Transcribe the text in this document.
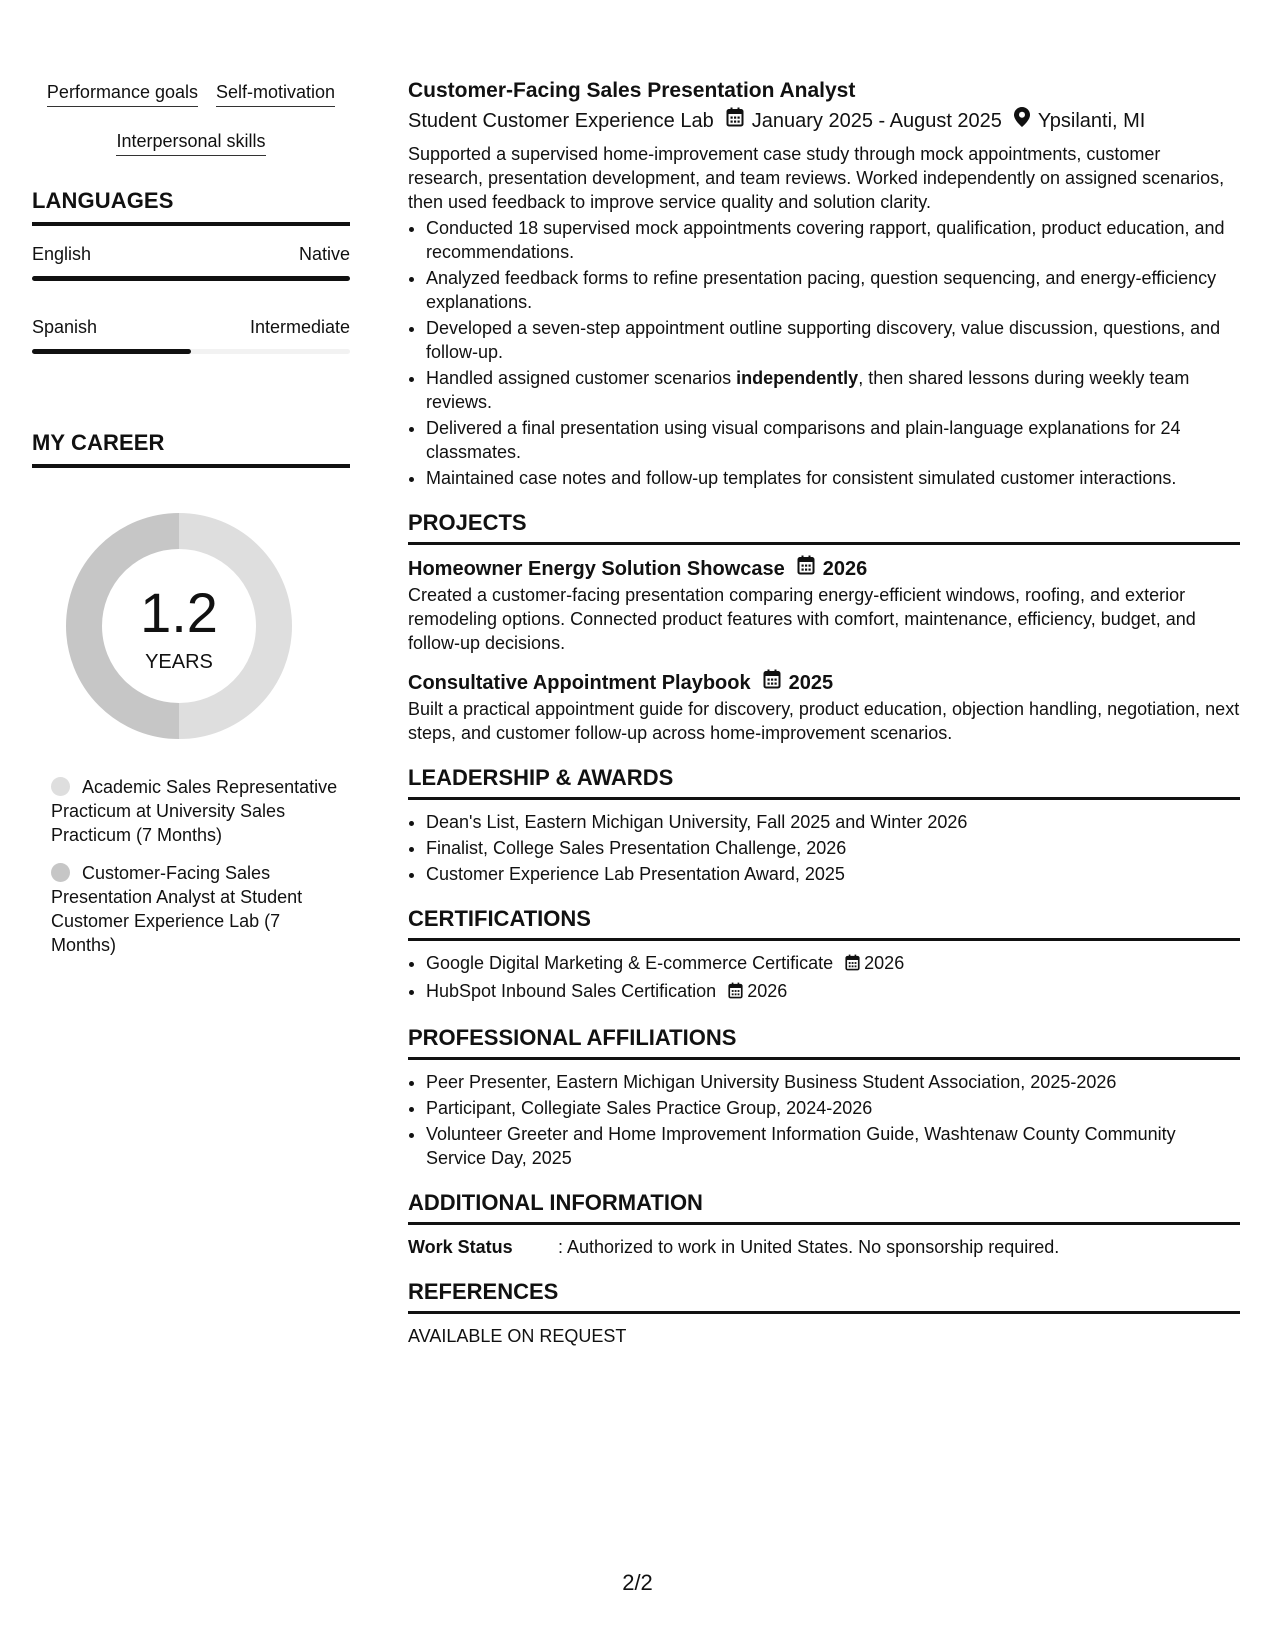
Performance goals Self-motivation
Interpersonal skills
LANGUAGES
English	Native
Spanish	Intermediate
MY CAREER
1.2
YEARS
Academic Sales Representative Practicum at University Sales Practicum (7 Months)
Customer-Facing Sales Presentation Analyst at Student Customer Experience Lab (7 Months)
Customer-Facing Sales Presentation Analyst
Student Customer Experience Lab January 2025 - August 2025 Ypsilanti, MI

Supported a supervised home-improvement case study through mock appointments, customer research, presentation development, and team reviews. Worked independently on assigned scenarios, then used feedback to improve service quality and solution clarity.

• Conducted 18 supervised mock appointments covering rapport, qualification, product education, and recommendations.
• Analyzed feedback forms to refine presentation pacing, question sequencing, and energy-efficiency explanations.
• Developed a seven-step appointment outline supporting discovery, value discussion, questions, and follow-up.
• Handled assigned customer scenarios independently, then shared lessons during weekly team reviews.
• Delivered a final presentation using visual comparisons and plain-language explanations for 24 classmates.
• Maintained case notes and follow-up templates for consistent simulated customer interactions.
PROJECTS
Homeowner Energy Solution Showcase 2026

Created a customer-facing presentation comparing energy-efficient windows, roofing, and exterior remodeling options. Connected product features with comfort, maintenance, efficiency, budget, and follow-up decisions.

Consultative Appointment Playbook 2025

Built a practical appointment guide for discovery, product education, objection handling, negotiation, next steps, and customer follow-up across home-improvement scenarios.

LEADERSHIP & AWARDS
• Dean's List, Eastern Michigan University, Fall 2025 and Winter 2026
• Finalist, College Sales Presentation Challenge, 2026
• Customer Experience Lab Presentation Award, 2025
CERTIFICATIONS
• Google Digital Marketing & E-commerce Certificate 2026
• HubSpot Inbound Sales Certification 2026
PROFESSIONAL AFFILIATIONS
• Peer Presenter, Eastern Michigan University Business Student Association, 2025-2026
• Participant, Collegiate Sales Practice Group, 2024-2026
• Volunteer Greeter and Home Improvement Information Guide, Washtenaw County Community Service Day, 2025
ADDITIONAL INFORMATION
Work Status	: Authorized to work in United States. No sponsorship required.
REFERENCES

AVAILABLE ON REQUEST

2/2
